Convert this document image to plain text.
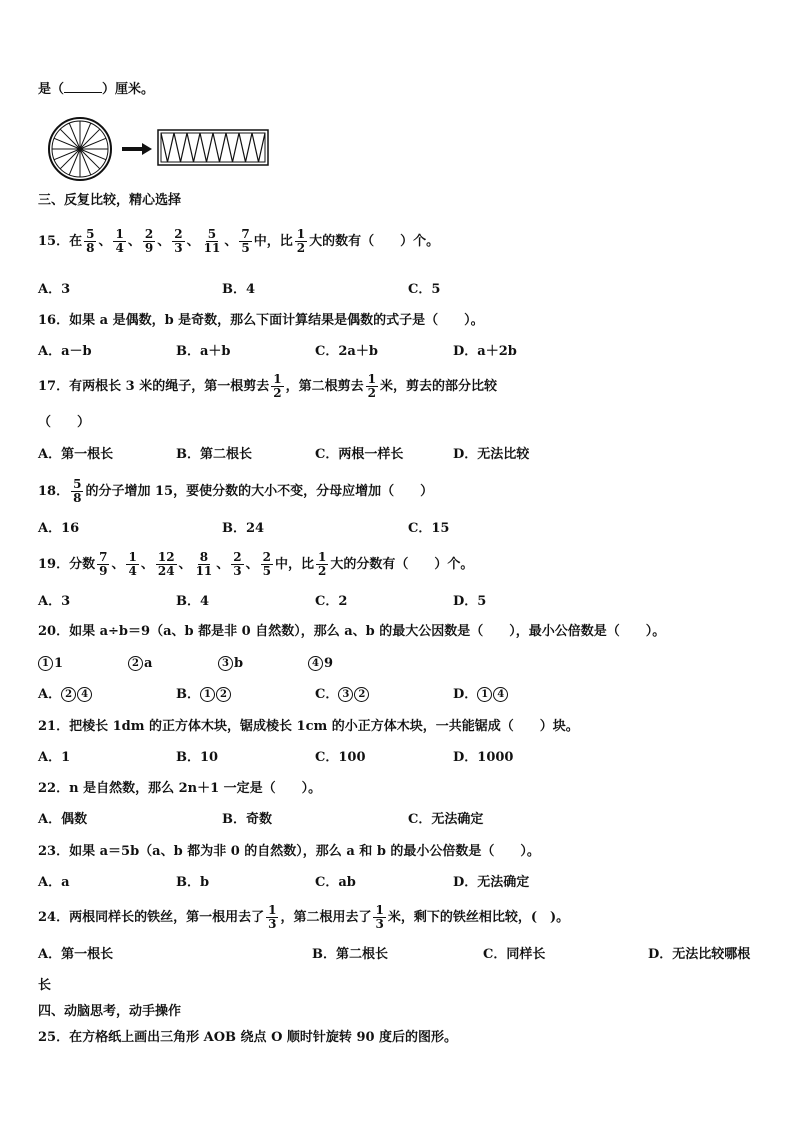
是（	）厘米。
三、反复比较，精心选择
15．在 $\frac{5}{8}$ 、 $\frac{1}{4}$ 、 $\frac{2}{9}$ 、 $\frac{2}{3}$ 、 $\frac{5}{11}$ 、 $\frac{7}{5}$ 中，比 $\frac{1}{2}$ 大的数有（　　）个。
A．3	B．4	C．5
16．如果 a 是偶数，b 是奇数，那么下面计算结果是偶数的式子是（　　）。
A．a－b	B．a＋b	C．2a＋b	D．a＋2b
17．有两根长 3 米的绳子，第一根剪去 $\frac{1}{2}$ ，第二根剪去 $\frac{1}{2}$ 米，剪去的部分比较
（　　）
A．第一根长	B．第二根长	C．两根一样长	D．无法比较
18． $\frac{5}{8}$ 的分子增加 15，要使分数的大小不变，分母应增加（　　）
A．16	B．24	C．15
19．分数 $\frac{7}{9}$ 、 $\frac{1}{4}$ 、 $\frac{12}{24}$ 、 $\frac{8}{11}$ 、 $\frac{2}{3}$ 、 $\frac{2}{5}$ 中，比 $\frac{1}{2}$ 大的分数有（　　）个。
A．3	B．4	C．2	D．5
20．如果 a÷b＝9（a、b 都是非 0 自然数），那么 a、b 的最大公因数是（　　），最小公倍数是（　　）。
1 1	2 a	3 b	4 9
A． 2 4	B． 1 2	C． 3 2	D． 1 4
21．把棱长 1dm 的正方体木块，锯成棱长 1cm 的小正方体木块，一共能锯成（　　）块。
A．1	B．10	C．100	D．1000
22．n 是自然数，那么 2n＋1 一定是（　　）。
A．偶数	B．奇数	C．无法确定
23．如果 a＝5b（a、b 都为非 0 的自然数），那么 a 和 b 的最小公倍数是（　　）。
A．a	B．b	C．ab	D．无法确定
24．两根同样长的铁丝，第一根用去了 $\frac{1}{3}$ ，第二根用去了 $\frac{1}{3}$ 米，剩下的铁丝相比较，(　)。
A．第一根长	B．第二根长	C．同样长	D．无法比较哪根
长
四、动脑思考，动手操作
25．在方格纸上画出三角形 AOB 绕点 O 顺时针旋转 90 度后的图形。
